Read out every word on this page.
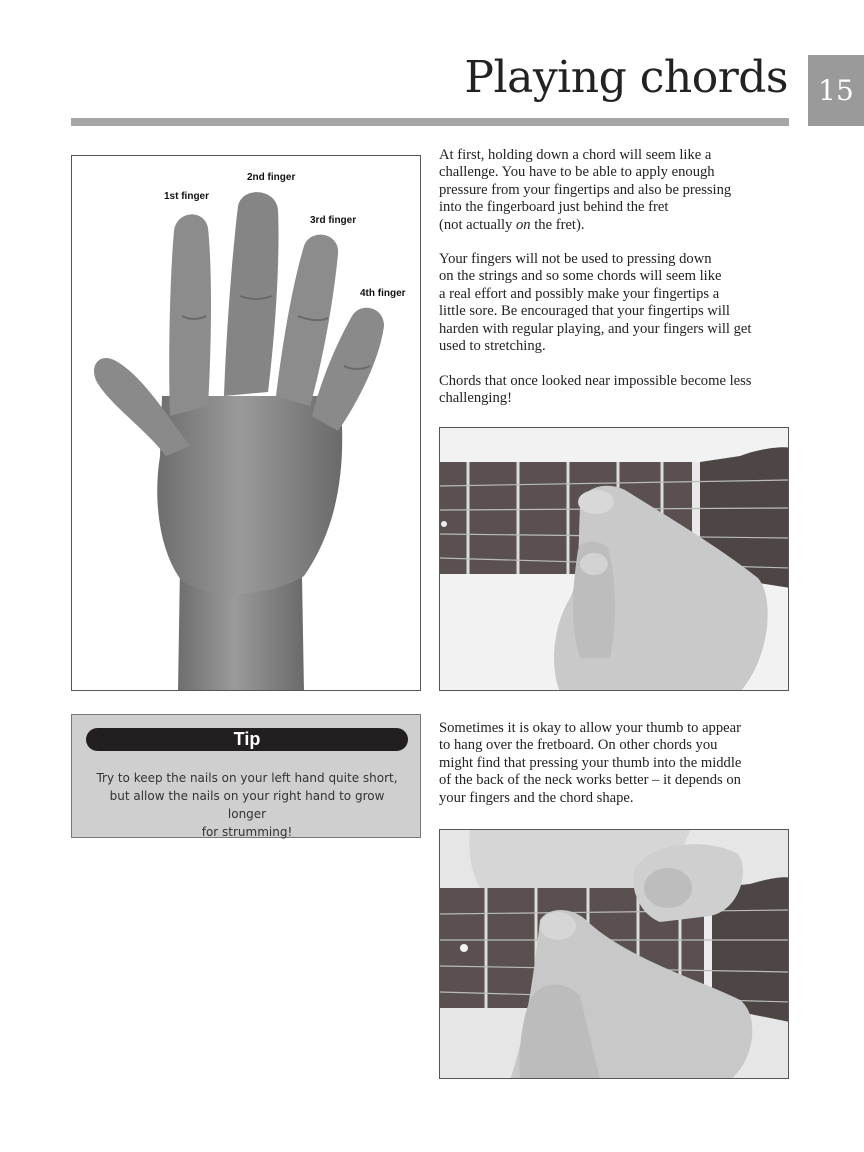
Playing chords	15
1st finger
2nd finger
3rd finger
4th finger

At first, holding down a chord will seem like a
challenge. You have to be able to apply enough
pressure from your fingertips and also be pressing
into the fingerboard just behind the fret
(not actually on the fret).

Your fingers will not be used to pressing down
on the strings and so some chords will seem like
a real effort and possibly make your fingertips a
little sore. Be encouraged that your fingertips will
harden with regular playing, and your fingers will get
used to stretching.

Chords that once looked near impossible become less
challenging!

Tip
Try to keep the nails on your left hand quite short,
but allow the nails on your right hand to grow longer
for strumming!

Sometimes it is okay to allow your thumb to appear
to hang over the fretboard. On other chords you
might find that pressing your thumb into the middle
of the back of the neck works better – it depends on
your fingers and the chord shape.
